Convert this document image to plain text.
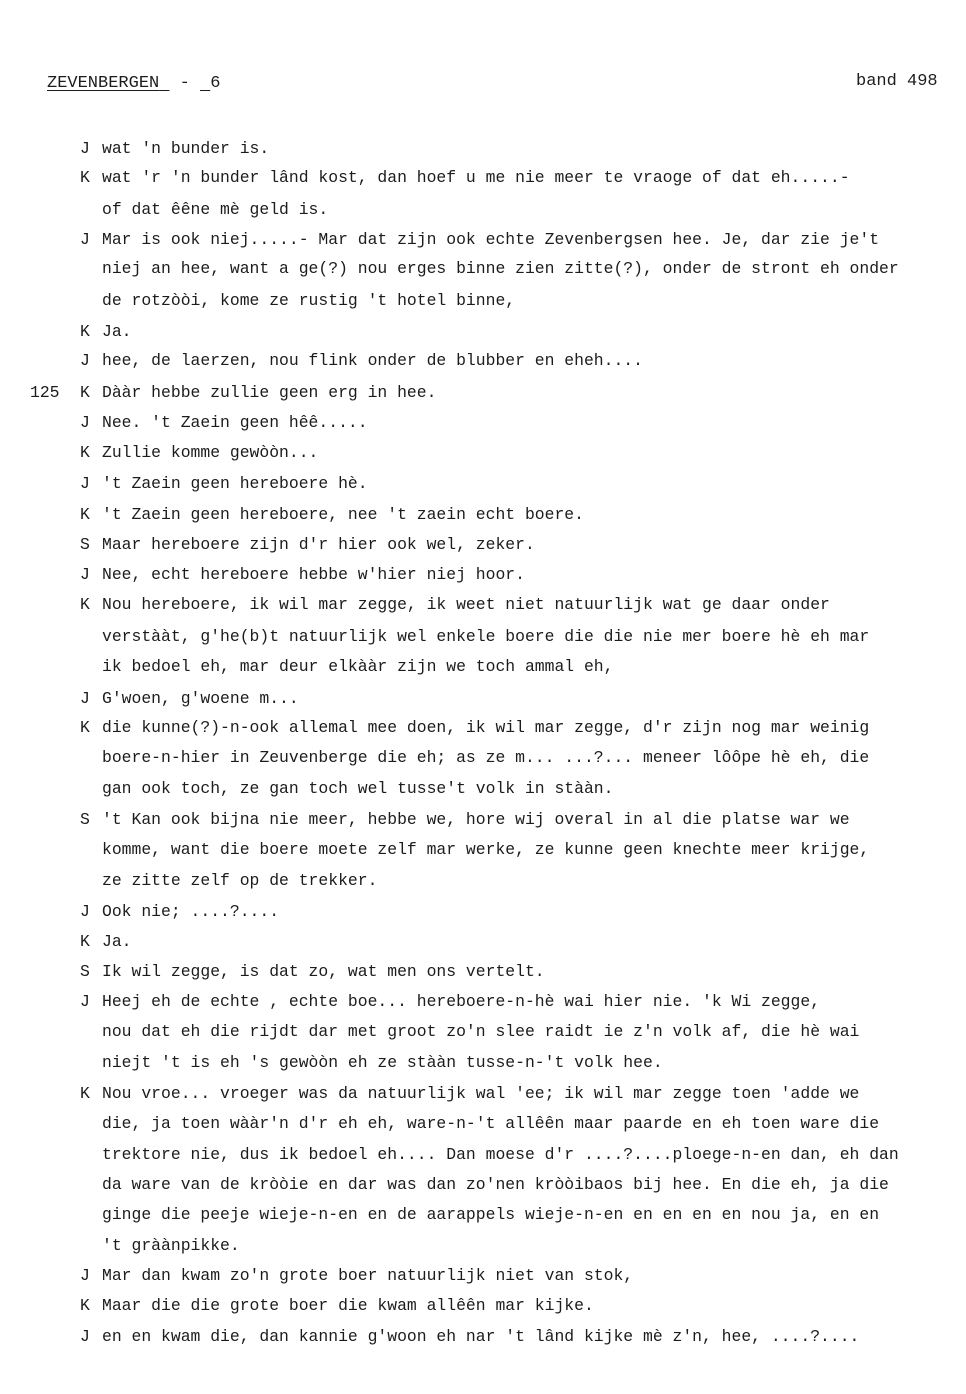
ZEVENBERGEN  -  6	band 498
125
J wat 'n bunder is.
K wat 'r 'n bunder lând kost, dan hoef u me nie meer te vraoge of dat eh.....-
of dat êêne mè geld is.
J Mar is ook niej.....- Mar dat zijn ook echte Zevenbergsen hee. Je, dar zie je't
niej an hee, want a ge(?) nou erges binne zien zitte(?), onder de stront eh onder
de rotzòòi, kome ze rustig 't hotel binne,
K Ja.
J hee, de laerzen, nou flink onder de blubber en eheh....
K Dààr hebbe zullie geen erg in hee.
J Nee. 't Zaein geen hêê.....
K Zullie komme gewòòn...
J 't Zaein geen hereboere hè.
K 't Zaein geen hereboere, nee 't zaein echt boere.
S Maar hereboere zijn d'r hier ook wel, zeker.
J Nee, echt hereboere hebbe w'hier niej hoor.
K Nou hereboere, ik wil mar zegge, ik weet niet natuurlijk wat ge daar onder
verstààt, g'he(b)t natuurlijk wel enkele boere die die nie mer boere hè eh mar
ik bedoel eh, mar deur elkààr zijn we toch ammal eh,
J G'woen, g'woene m...
K die kunne(?)-n-ook allemal mee doen, ik wil mar zegge, d'r zijn nog mar weinig
boere-n-hier in Zeuvenberge die eh; as ze m... ...?... meneer lôôpe hè eh, die
gan ook toch, ze gan toch wel tusse't volk in stààn.
S 't Kan ook bijna nie meer, hebbe we, hore wij overal in al die platse war we
komme, want die boere moete zelf mar werke, ze kunne geen knechte meer krijge,
ze zitte zelf op de trekker.
J Ook nie; ....?....
K Ja.
S Ik wil zegge, is dat zo, wat men ons vertelt.
J Heej eh de echte , echte boe... hereboere-n-hè wai hier nie. 'k Wi zegge,
nou dat eh die rijdt dar met groot zo'n slee raidt ie z'n volk af, die hè wai
niejt 't is eh 's gewòòn eh ze stààn tusse-n-'t volk hee.
K Nou vroe... vroeger was da natuurlijk wal 'ee; ik wil mar zegge toen 'adde we
die, ja toen wààr'n d'r eh eh, ware-n-'t allêên maar paarde en eh toen ware die
trektore nie, dus ik bedoel eh.... Dan moese d'r ....?....ploege-n-en dan, eh dan
da ware van de kròòie en dar was dan zo'nen kròòibaos bij hee. En die eh, ja die
ginge die peeje wieje-n-en en de aarappels wieje-n-en en en en en nou ja, en en
't gràànpikke.
J Mar dan kwam zo'n grote boer natuurlijk niet van stok,
K Maar die die grote boer die kwam allêên mar kijke.
J en en kwam die, dan kannie g'woon eh nar 't lând kijke mè z'n, hee, ....?....
